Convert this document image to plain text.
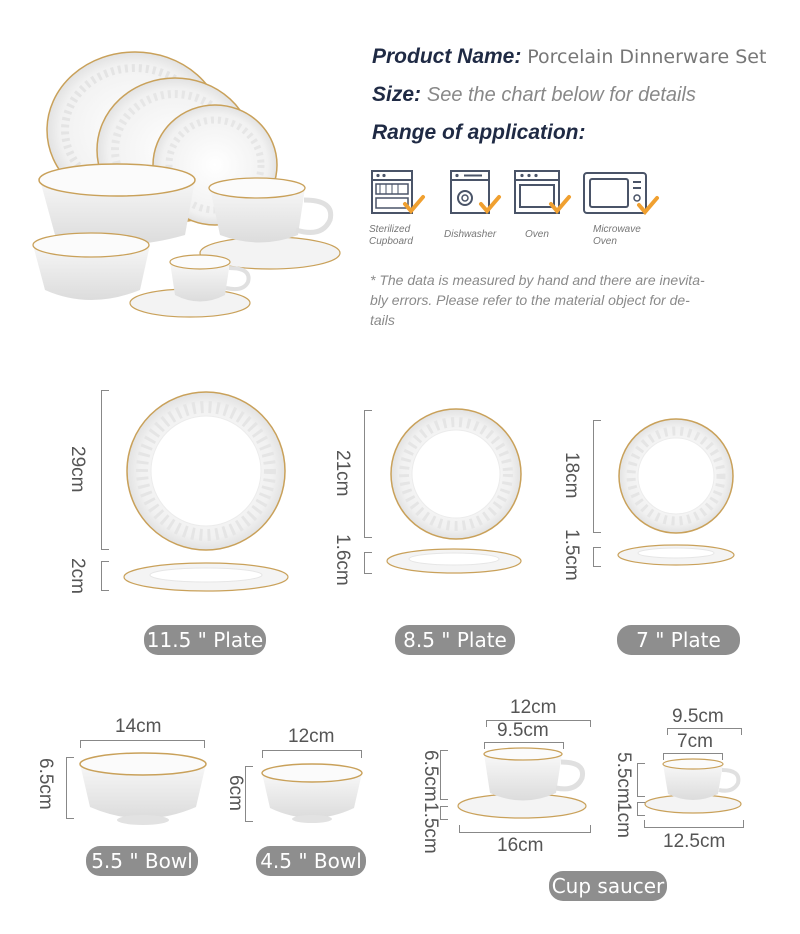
Product Name: Porcelain Dinnerware Set
Size: See the chart below for details
Range of application:
Sterilized
Cupboard
Dishwasher	Oven	Microwave
Oven
* The data is measured by hand and there are inevita-
bly errors. Please refer to the material object for de-
tails
29cm
2cm
21cm
1.6cm
18cm
1.5cm
11.5 " Plate	8.5 " Plate	7 " Plate
14cm
6.5cm
12cm
6cm
5.5 " Bowl	4.5 " Bowl
12cm
9.5cm
16cm
6.5cm
1.5cm
9.5cm
7cm
12.5cm
5.5cm
1cm
Cup saucer
